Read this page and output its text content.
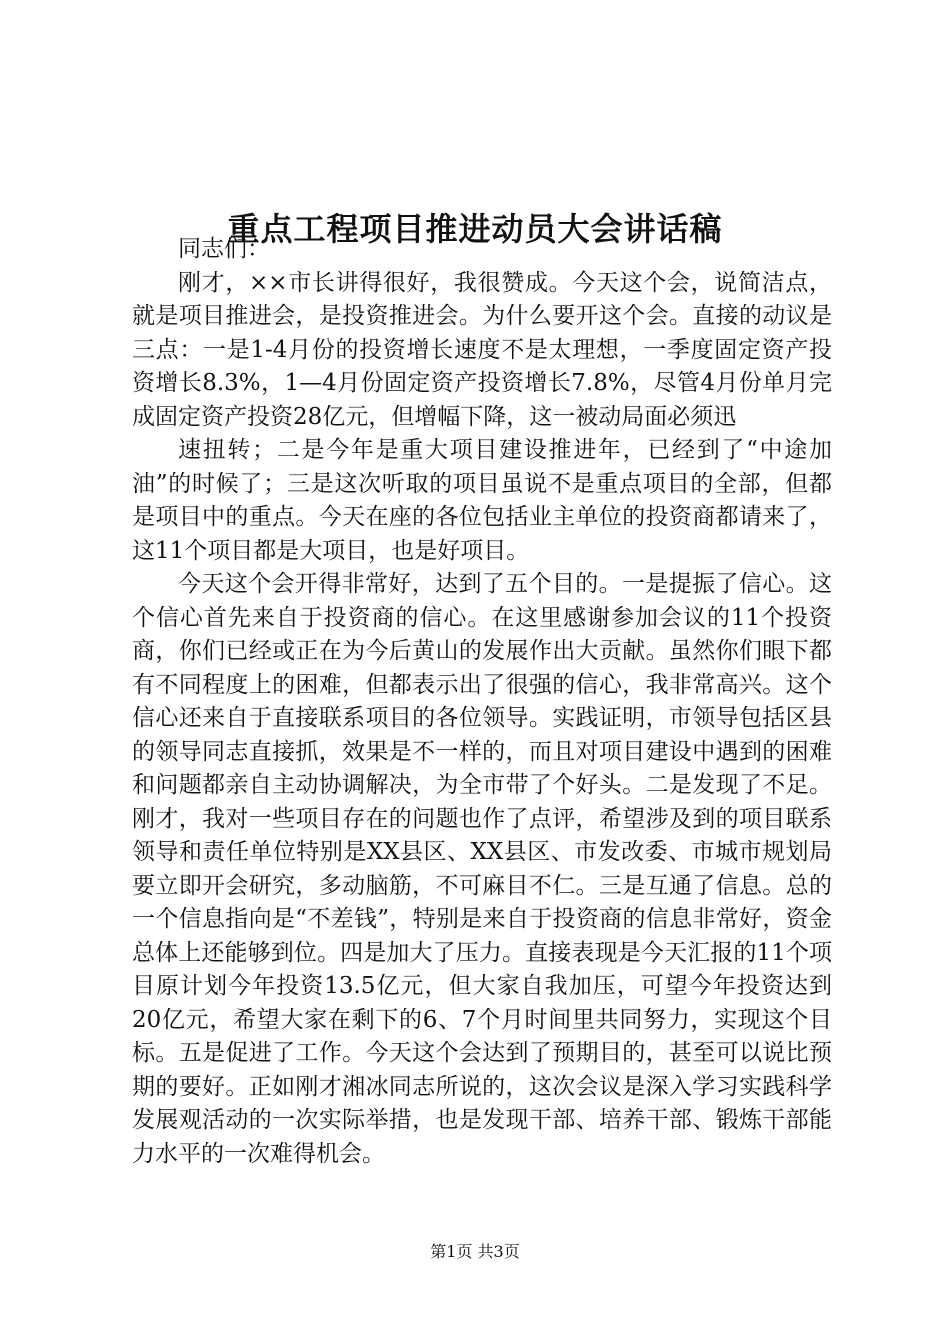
重点工程项目推进动员大会讲话稿

同志们：

刚才，××市长讲得很好，我很赞成。今天这个会，说简洁点，就是项目推进会，是投资推进会。为什么要开这个会。直接的动议是三点：一是1-4月份的投资增长速度不是太理想，一季度固定资产投资增长8.3%，1—4月份固定资产投资增长7.8%，尽管4月份单月完成固定资产投资28亿元，但增幅下降，这一被动局面必须迅

速扭转；二是今年是重大项目建设推进年，已经到了“中途加油”的时候了；三是这次听取的项目虽说不是重点项目的全部，但都是项目中的重点。今天在座的各位包括业主单位的投资商都请来了，这11个项目都是大项目，也是好项目。

今天这个会开得非常好，达到了五个目的。一是提振了信心。这个信心首先来自于投资商的信心。在这里感谢参加会议的11个投资商，你们已经或正在为今后黄山的发展作出大贡献。虽然你们眼下都有不同程度上的困难，但都表示出了很强的信心，我非常高兴。这个信心还来自于直接联系项目的各位领导。实践证明，市领导包括区县的领导同志直接抓，效果是不一样的，而且对项目建设中遇到的困难和问题都亲自主动协调解决，为全市带了个好头。二是发现了不足。刚才，我对一些项目存在的问题也作了点评，希望涉及到的项目联系领导和责任单位特别是XX县区、XX县区、市发改委、市城市规划局要立即开会研究，多动脑筋，不可麻目不仁。三是互通了信息。总的一个信息指向是“不差钱”，特别是来自于投资商的信息非常好，资金总体上还能够到位。四是加大了压力。直接表现是今天汇报的11个项目原计划今年投资13.5亿元，但大家自我加压，可望今年投资达到20亿元，希望大家在剩下的6、7个月时间里共同努力，实现这个目标。五是促进了工作。今天这个会达到了预期目的，甚至可以说比预期的要好。正如刚才湘冰同志所说的，这次会议是深入学习实践科学发展观活动的一次实际举措，也是发现干部、培养干部、锻炼干部能力水平的一次难得机会。

第1页 共3页
